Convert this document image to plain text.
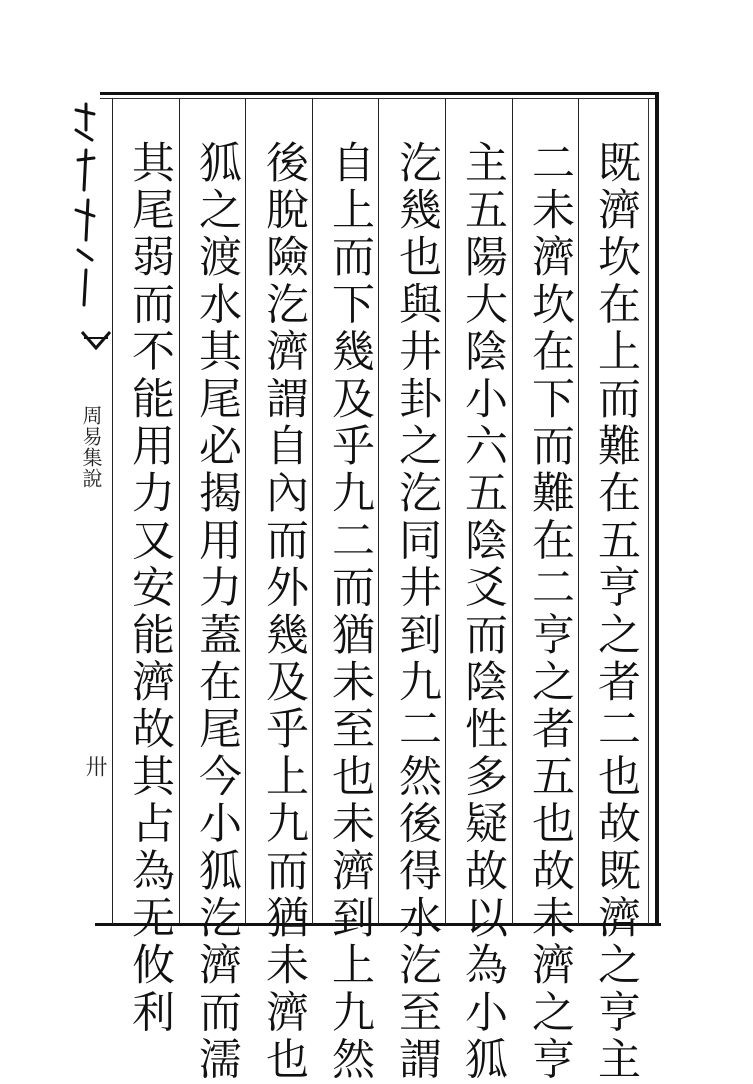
周易集說
卅	既濟坎在上而難在五亨之者二也故既濟之亨主
二未濟坎在下而難在二亨之者五也故未濟之亨
主五陽大陰小六五陰爻而陰性多疑故以為小狐
汔幾也與井卦之汔同井到九二然後得水汔至謂
自上而下幾及乎九二而猶未至也未濟到上九然
後脫險汔濟謂自內而外幾及乎上九而猶未濟也
狐之渡水其尾必揭用力蓋在尾今小狐汔濟而濡
其尾弱而不能用力又安能濟故其占為无攸利
